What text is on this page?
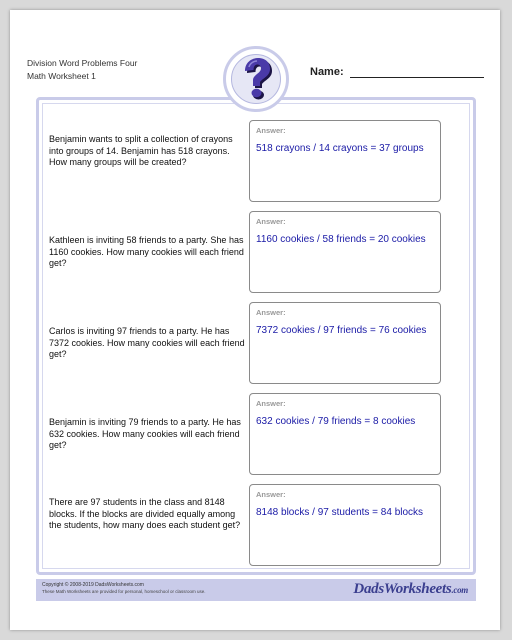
Division Word Problems Four
Math Worksheet 1	Name:
Benjamin wants to split a collection of crayons into groups of 14. Benjamin has 518 crayons. How many groups will be created?
Answer:
518 crayons / 14 crayons = 37 groups
Kathleen is inviting 58 friends to a party. She has 1160 cookies. How many cookies will each friend get?
Answer:
1160 cookies / 58 friends = 20 cookies
Carlos is inviting 97 friends to a party. He has 7372 cookies. How many cookies will each friend get?
Answer:
7372 cookies / 97 friends = 76 cookies
Benjamin is inviting 79 friends to a party. He has 632 cookies. How many cookies will each friend get?
Answer:
632 cookies / 79 friends = 8 cookies
There are 97 students in the class and 8148 blocks. If the blocks are divided equally among the students, how many does each student get?
Answer:
8148 blocks / 97 students = 84 blocks
Copyright © 2008-2019 DadsWorksheets.com
These Math Worksheets are provided for personal, homeschool or classroom use.	DadsWorksheets.com
